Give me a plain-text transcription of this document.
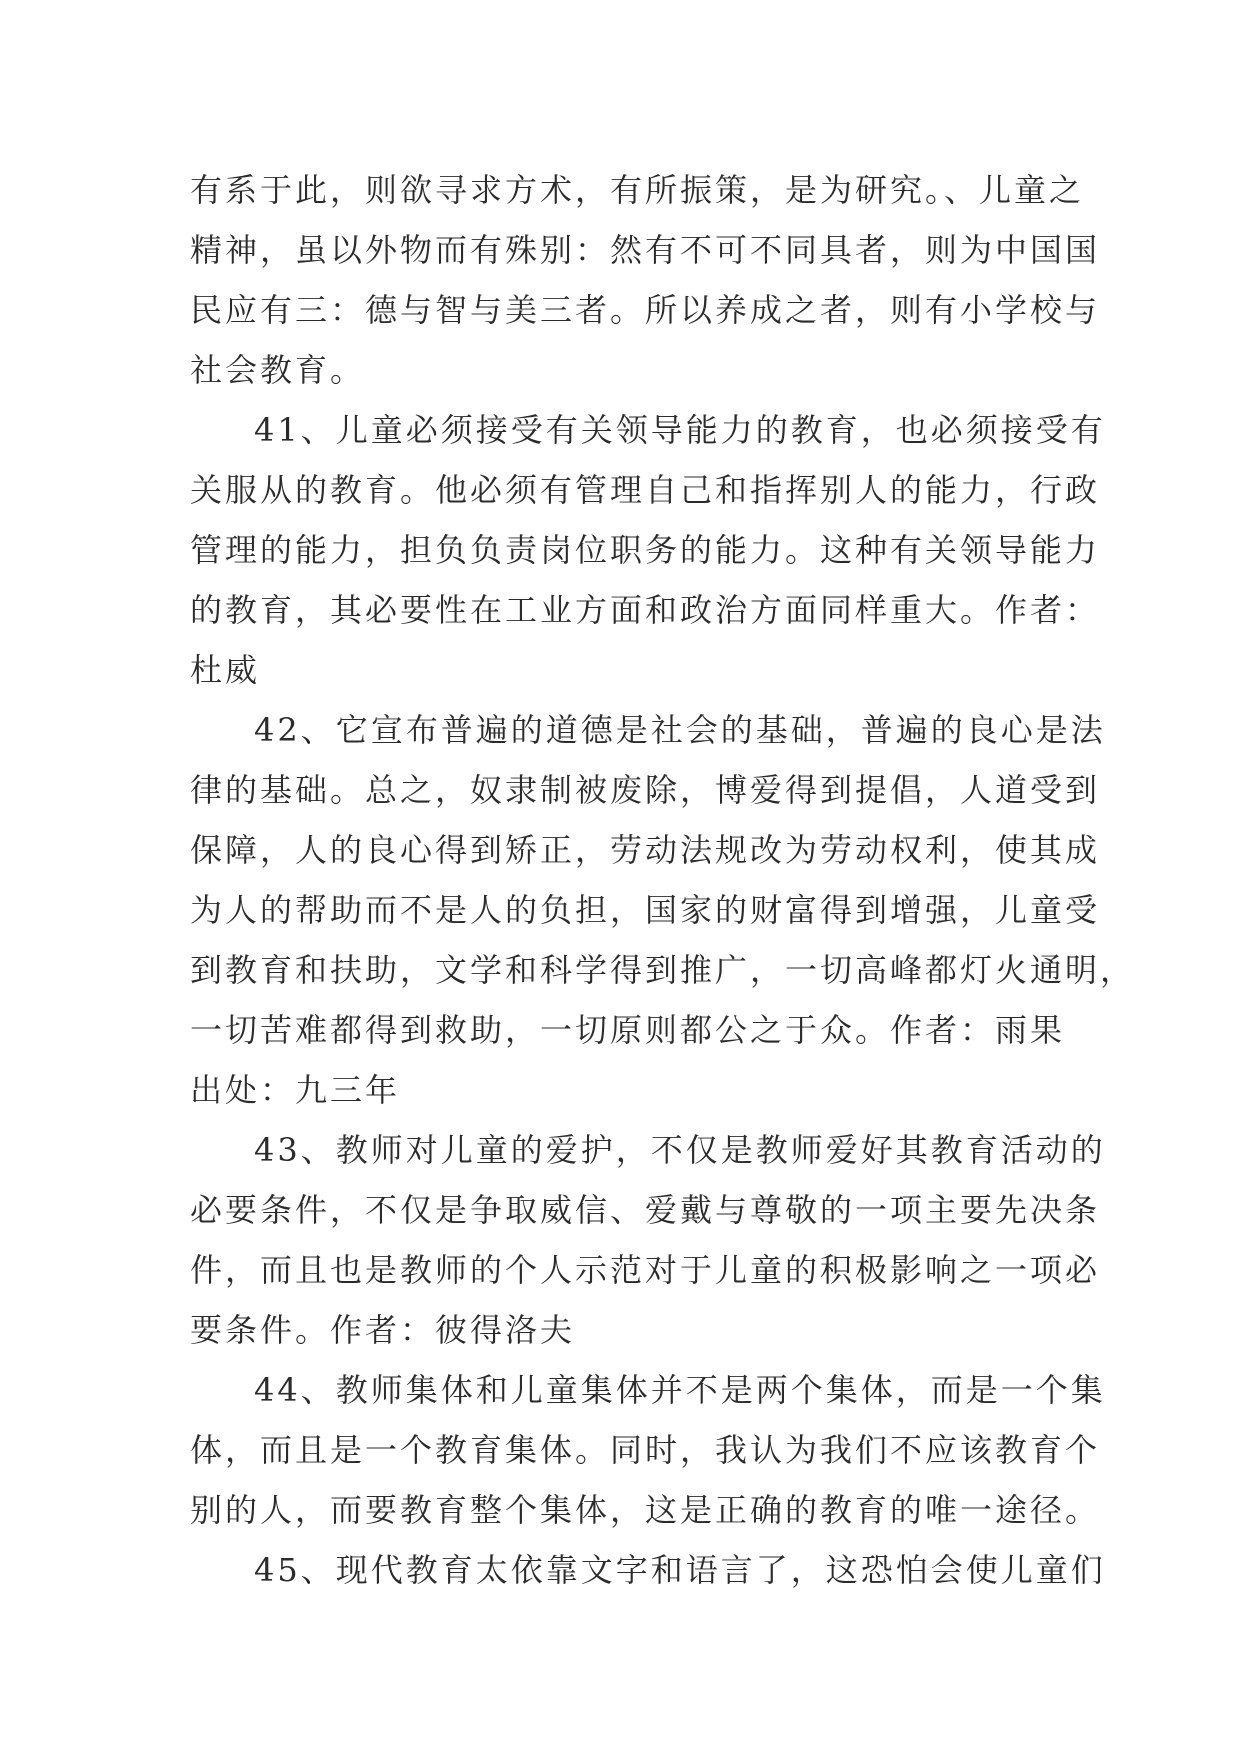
有系于此，则欲寻求方术，有所振策，是为研究。、儿童之
精神，虽以外物而有殊别：然有不可不同具者，则为中国国
民应有三：德与智与美三者。所以养成之者，则有小学校与
社会教育。

41、儿童必须接受有关领导能力的教育，也必须接受有
关服从的教育。他必须有管理自己和指挥别人的能力，行政
管理的能力，担负负责岗位职务的能力。这种有关领导能力
的教育，其必要性在工业方面和政治方面同样重大。作者：
杜威

42、它宣布普遍的道德是社会的基础，普遍的良心是法
律的基础。总之，奴隶制被废除，博爱得到提倡，人道受到
保障，人的良心得到矫正，劳动法规改为劳动权利，使其成
为人的帮助而不是人的负担，国家的财富得到增强，儿童受
到教育和扶助，文学和科学得到推广，一切高峰都灯火通明，
一切苦难都得到救助，一切原则都公之于众。作者：雨果
出处：九三年

43、教师对儿童的爱护，不仅是教师爱好其教育活动的
必要条件，不仅是争取威信、爱戴与尊敬的一项主要先决条
件，而且也是教师的个人示范对于儿童的积极影响之一项必
要条件。作者：彼得洛夫

44、教师集体和儿童集体并不是两个集体，而是一个集
体，而且是一个教育集体。同时，我认为我们不应该教育个
别的人，而要教育整个集体，这是正确的教育的唯一途径。

45、现代教育太依靠文字和语言了，这恐怕会使儿童们
